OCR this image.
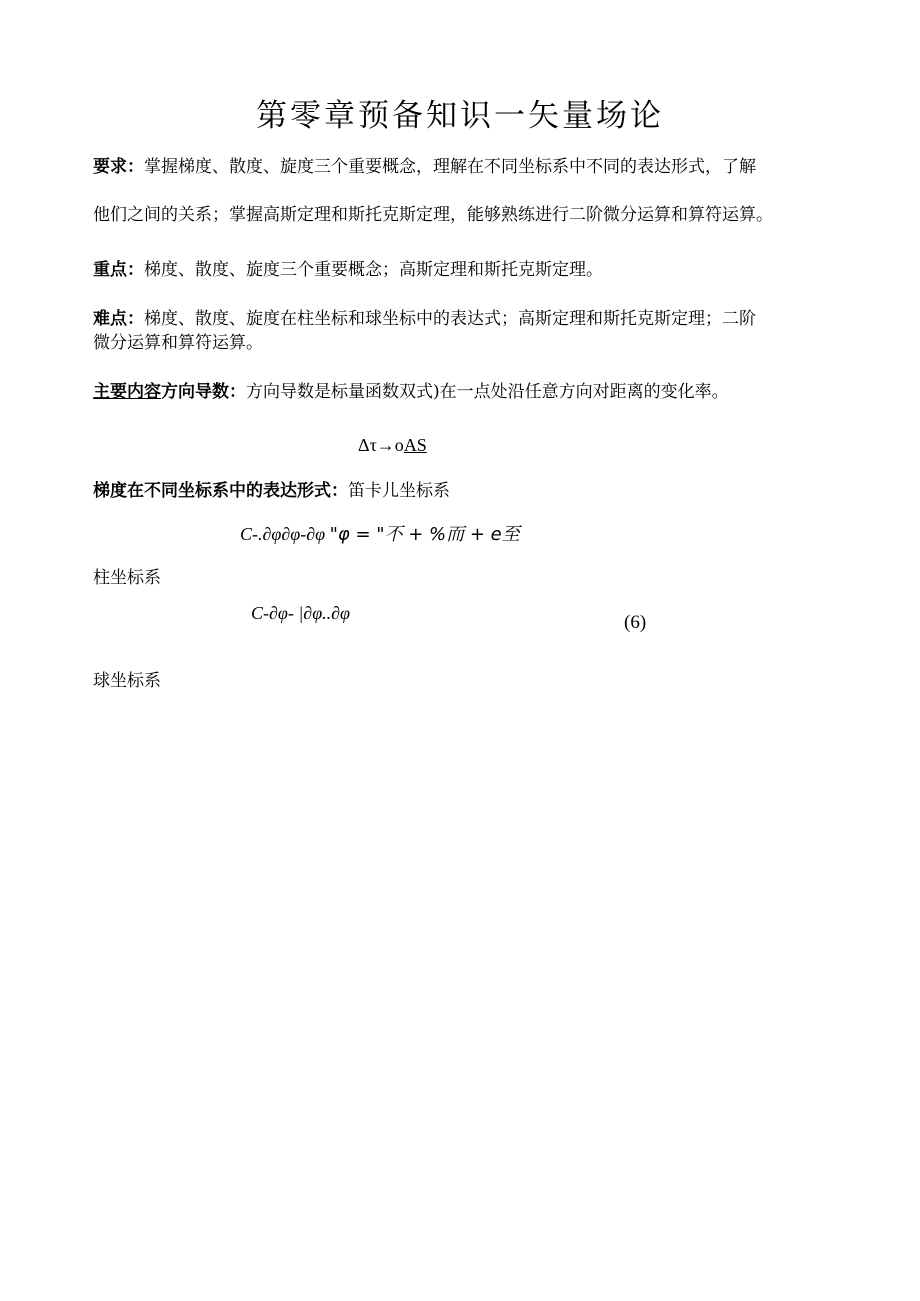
第零章预备知识一矢量场论
要求：掌握梯度、散度、旋度三个重要概念，理解在不同坐标系中不同的表达形式，了解
他们之间的关系；掌握高斯定理和斯托克斯定理，能够熟练进行二阶微分运算和算符运算。
重点：梯度、散度、旋度三个重要概念；高斯定理和斯托克斯定理。
难点：梯度、散度、旋度在柱坐标和球坐标中的表达式；高斯定理和斯托克斯定理；二阶
微分运算和算符运算。
主要内容方向导数：方向导数是标量函数双式)在一点处沿任意方向对距离的变化率。
Δτ→oAS
梯度在不同坐标系中的表达形式：笛卡儿坐标系
C-.∂φ∂φ-∂φ "φ = "不 + %而 + e至
柱坐标系
C-∂φ- |∂φ..∂φ	(6)
球坐标系
